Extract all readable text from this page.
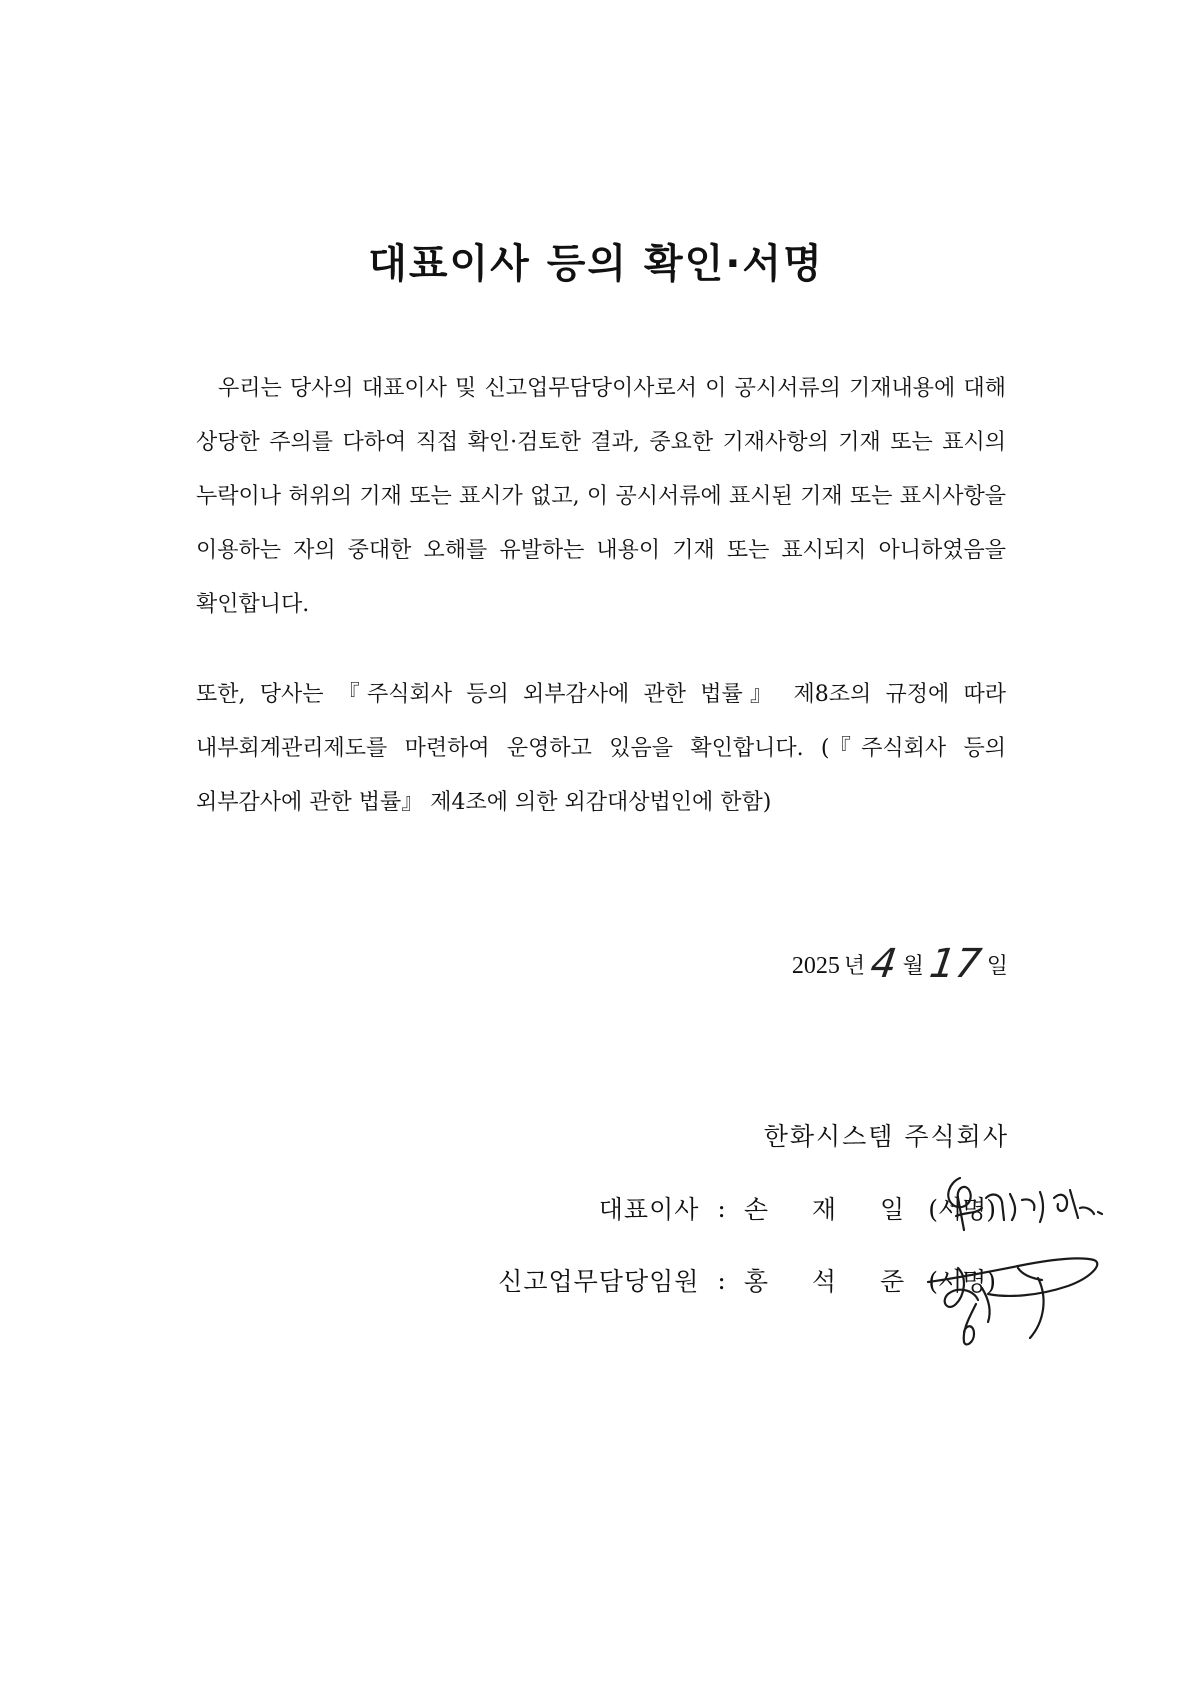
대표이사 등의 확인·서명
우리는 당사의 대표이사 및 신고업무담당이사로서 이 공시서류의 기재내용에 대해 상당한 주의를 다하여 직접 확인·검토한 결과, 중요한 기재사항의 기재 또는 표시의 누락이나 허위의 기재 또는 표시가 없고, 이 공시서류에 표시된 기재 또는 표시사항을 이용하는 자의 중대한 오해를 유발하는 내용이 기재 또는 표시되지 아니하였음을 확인합니다.
또한, 당사는 『주식회사 등의 외부감사에 관한 법률』 제8조의 규정에 따라 내부회계관리제도를 마련하여 운영하고 있음을 확인합니다. (『주식회사 등의 외부감사에 관한 법률』 제4조에 의한 외감대상법인에 한함)
2025 년 4 월 17 일
한화시스템 주식회사
대표이사 : 손 재 일 (서명)
신고업무담당임원 : 홍 석 준 (서명)
